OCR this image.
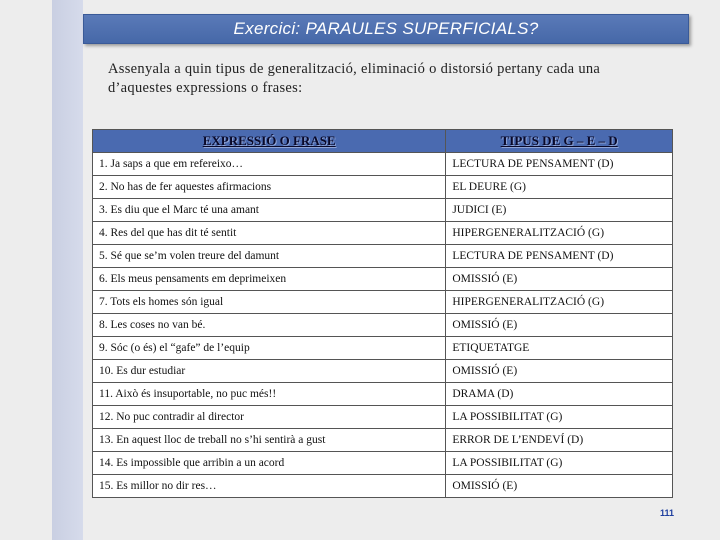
Exercici: PARAULES SUPERFICIALS?
Assenyala a quin tipus de generalització, eliminació o distorsió pertany cada una
d’aquestes expressions o frases:
EXPRESSIÓ O FRASE	TIPUS DE G – E – D
1. Ja saps a que em refereixo…	LECTURA DE PENSAMENT (D)
2. No has de fer aquestes afirmacions	EL DEURE (G)
3. Es diu que el Marc té una amant	JUDICI (E)
4. Res del que has dit té sentit	HIPERGENERALITZACIÓ (G)
5. Sé que se’m volen treure del damunt	LECTURA DE PENSAMENT (D)
6. Els meus pensaments em deprimeixen	OMISSIÓ (E)
7. Tots els homes són igual	HIPERGENERALITZACIÓ (G)
8. Les coses no van bé.	OMISSIÓ (E)
9. Sóc (o és) el “gafe” de l’equip	ETIQUETATGE
10. Es dur estudiar	OMISSIÓ (E)
11. Això és insuportable, no puc més!!	DRAMA (D)
12. No puc contradir al director	LA POSSIBILITAT (G)
13. En aquest lloc de treball no s’hi sentirà a gust	ERROR DE L’ENDEVÍ (D)
14. Es impossible que arribin a un acord	LA POSSIBILITAT (G)
15. Es millor no dir res…	OMISSIÓ (E)
111
